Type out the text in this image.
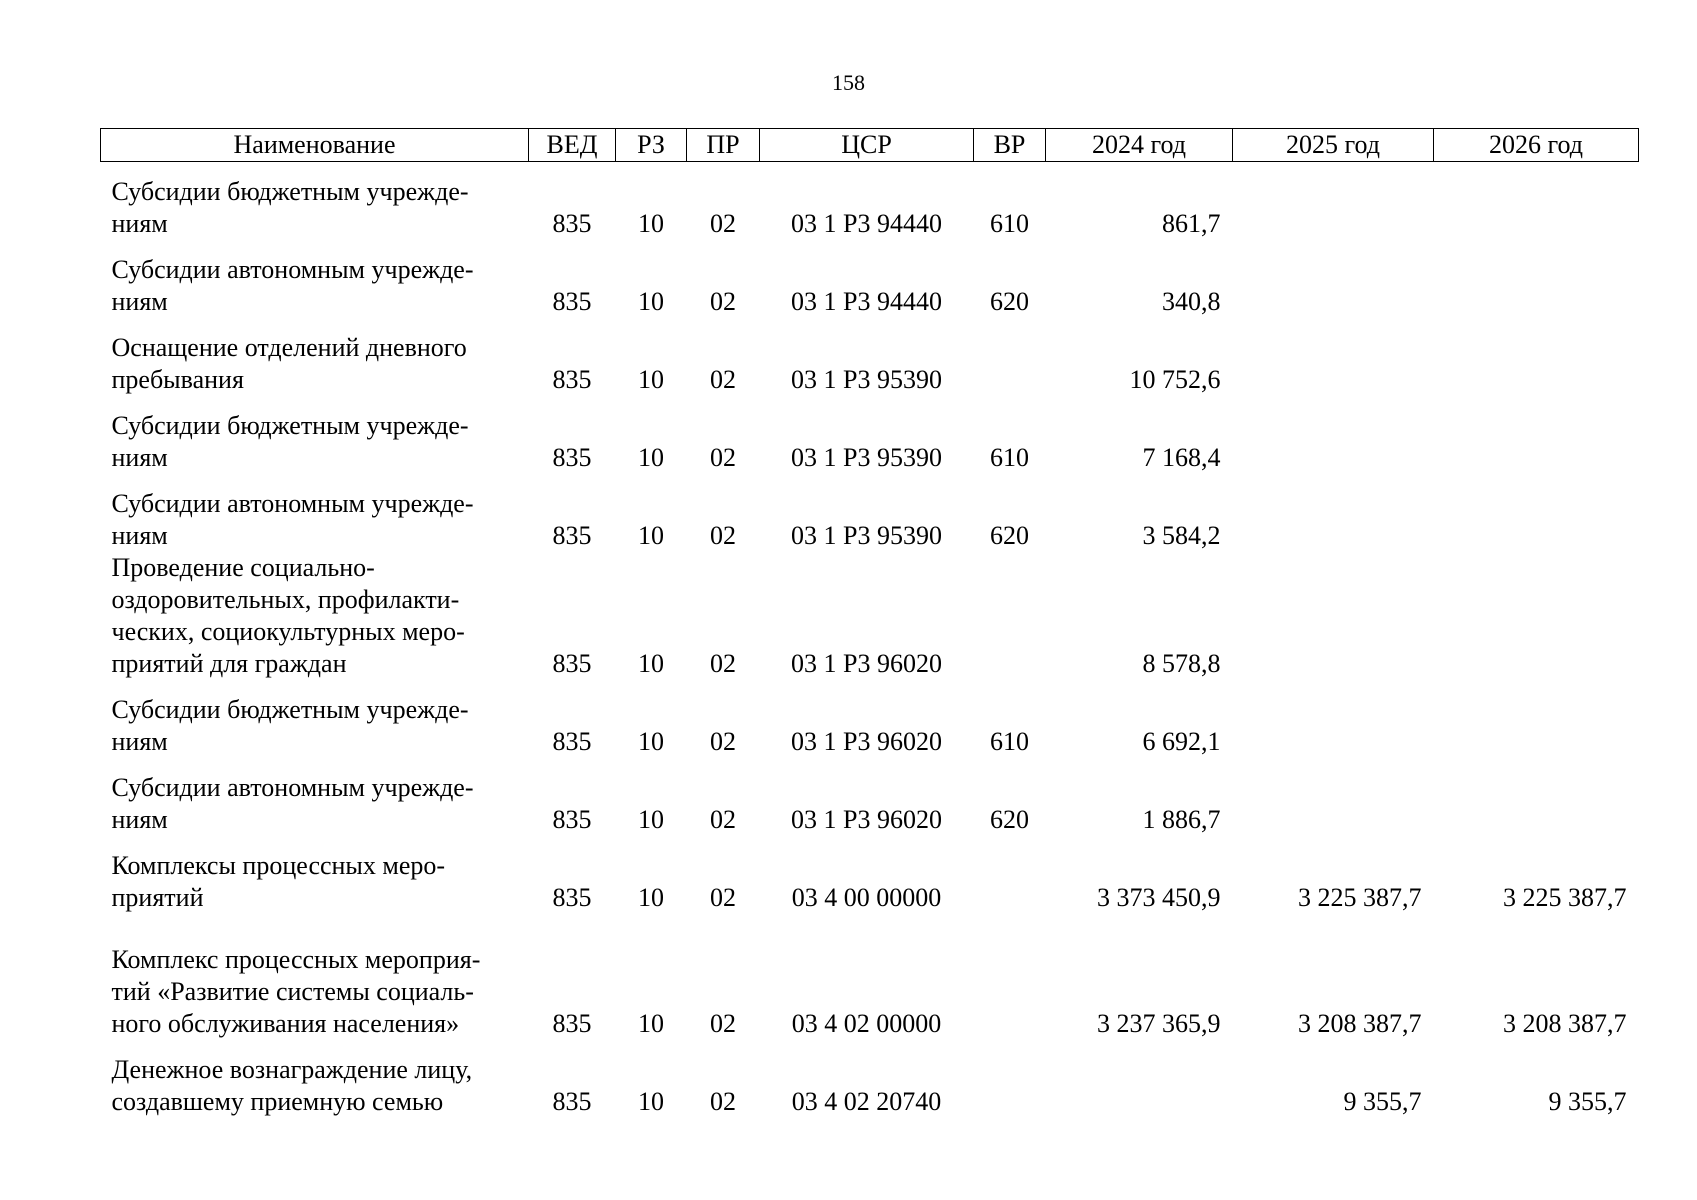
158
Наименование	ВЕД	РЗ	ПР	ЦСР	ВР	2024 год	2025 год	2026 год

Субсидии бюджетным учрежде-
ниям	835	10	02	03 1 Р3 94440	610	861,7		

Субсидии автономным учрежде-
ниям	835	10	02	03 1 Р3 94440	620	340,8		

Оснащение отделений дневного
пребывания	835	10	02	03 1 Р3 95390		10 752,6		

Субсидии бюджетным учрежде-
ниям	835	10	02	03 1 Р3 95390	610	7 168,4		

Субсидии автономным учрежде-
ниям	835	10	02	03 1 Р3 95390	620	3 584,2		

Проведение социально-
оздоровительных, профилакти-
ческих, социокультурных меро-
приятий для граждан	835	10	02	03 1 Р3 96020		8 578,8		

Субсидии бюджетным учрежде-
ниям	835	10	02	03 1 Р3 96020	610	6 692,1		

Субсидии автономным учрежде-
ниям	835	10	02	03 1 Р3 96020	620	1 886,7		

Комплексы процессных меро-
приятий	835	10	02	03 4 00 00000		3 373 450,9	3 225 387,7	3 225 387,7

Комплекс процессных мероприя-
тий «Развитие системы социаль-
ного обслуживания населения»	835	10	02	03 4 02 00000		3 237 365,9	3 208 387,7	3 208 387,7

Денежное вознаграждение лицу,
создавшему приемную семью	835	10	02	03 4 02 20740			9 355,7	9 355,7
